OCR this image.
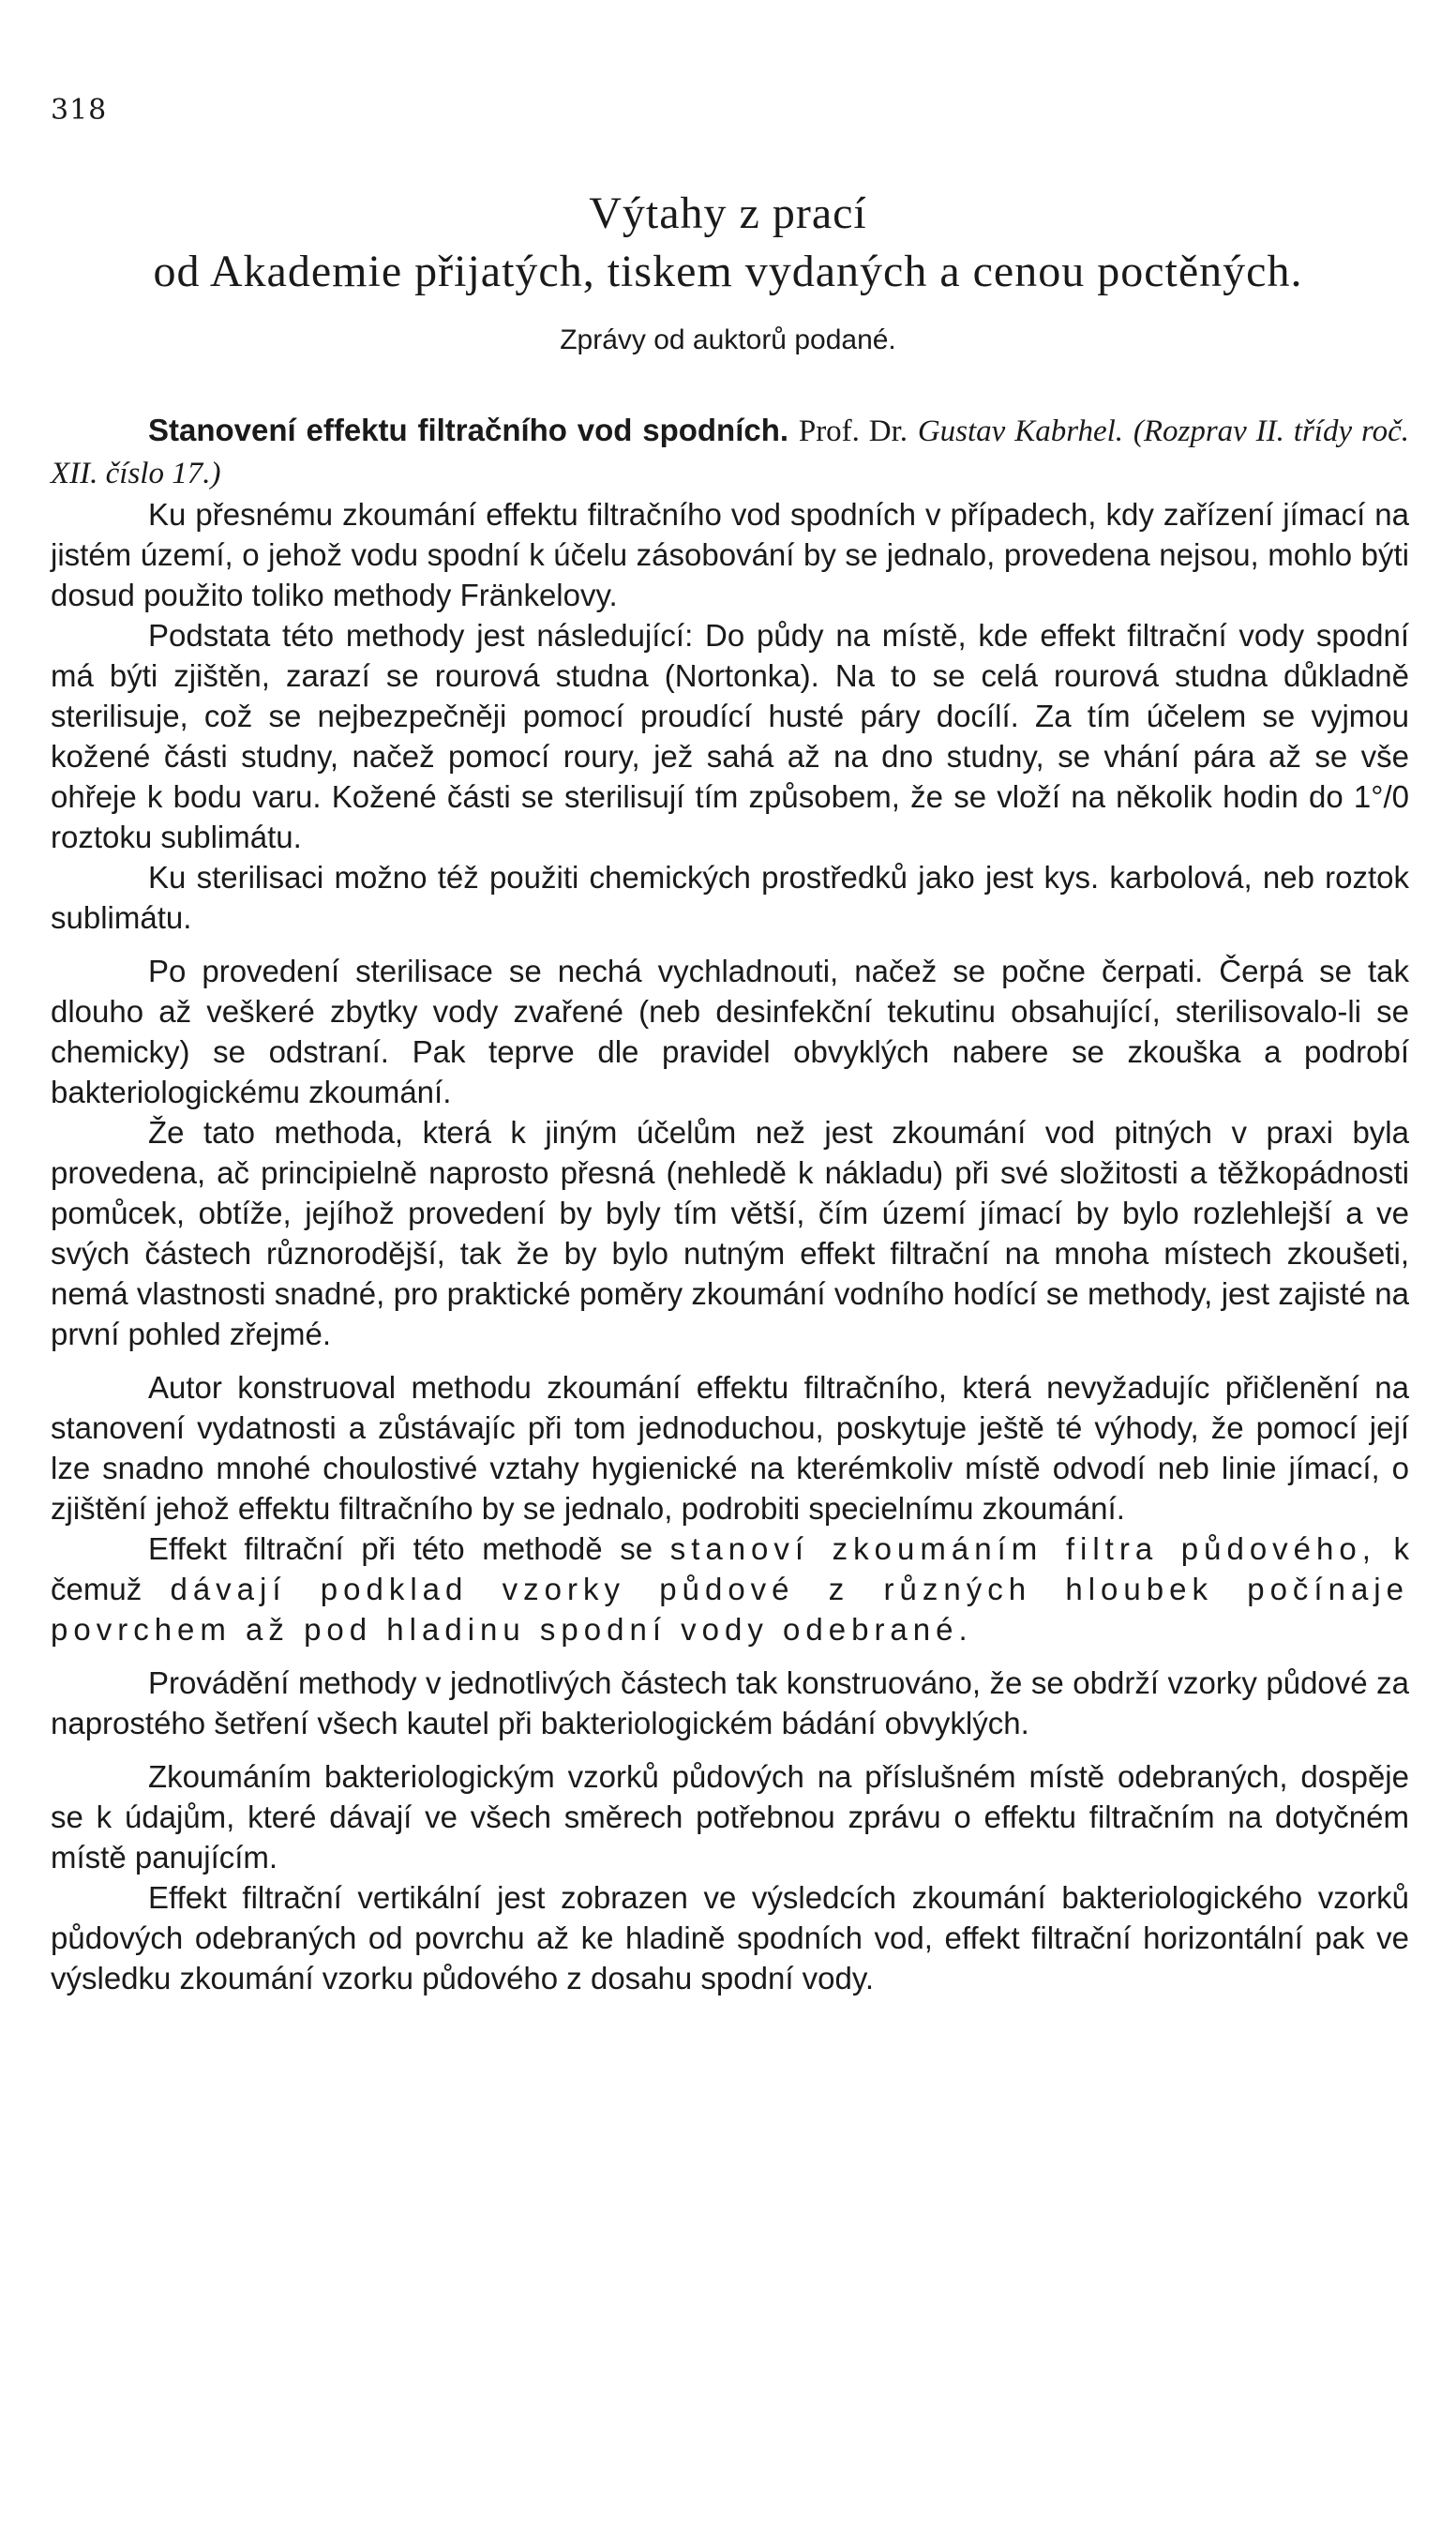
318
Výtahy z prací
od Akademie přijatých, tiskem vydaných a cenou poctěných.
Zprávy od auktorů podané.

Stanovení effektu filtračního vod spodních. Prof. Dr. Gustav Kabrhel. (Rozprav II. třídy roč. XII. číslo 17.)

Ku přesnému zkoumání effektu filtračního vod spodních v případech, kdy zařízení jímací na jistém území, o jehož vodu spodní k účelu zásobování by se jednalo, provedena nejsou, mohlo býti dosud použito toliko methody Fränkelovy.

Podstata této methody jest následující: Do půdy na místě, kde effekt filtrační vody spodní má býti zjištěn, zarazí se rourová studna (Nortonka). Na to se celá rourová studna důkladně sterilisuje, což se nejbezpečněji pomocí proudící husté páry docílí. Za tím účelem se vyjmou kožené části studny, načež pomocí roury, jež sahá až na dno studny, se vhání pára až se vše ohřeje k bodu varu. Kožené části se sterilisují tím způsobem, že se vloží na několik hodin do 1°/0 roztoku sublimátu.

Ku sterilisaci možno též použiti chemických prostředků jako jest kys. karbolová, neb roztok sublimátu.

Po provedení sterilisace se nechá vychladnouti, načež se počne čerpati. Čerpá se tak dlouho až veškeré zbytky vody zvařené (neb desinfekční tekutinu obsahující, sterilisovalo-li se chemicky) se odstraní. Pak teprve dle pravidel obvyklých nabere se zkouška a podrobí bakteriologickému zkoumání.

Že tato methoda, která k jiným účelům než jest zkoumání vod pitných v praxi byla provedena, ač principielně naprosto přesná (nehledě k nákladu) při své složitosti a těžkopádnosti pomůcek, obtíže, jejíhož provedení by byly tím větší, čím území jímací by bylo rozlehlejší a ve svých částech různorodější, tak že by bylo nutným effekt filtrační na mnoha místech zkoušeti, nemá vlastnosti snadné, pro praktické poměry zkoumání vodního hodící se methody, jest zajisté na první pohled zřejmé.

Autor konstruoval methodu zkoumání effektu filtračního, která nevyžadujíc přičlenění na stanovení vydatnosti a zůstávajíc při tom jednoduchou, poskytuje ještě té výhody, že pomocí její lze snadno mnohé choulostivé vztahy hygienické na kterémkoliv místě odvodí neb linie jímací, o zjištění jehož effektu filtračního by se jednalo, podrobiti specielnímu zkoumání.

Effekt filtrační při této methodě se stanoví zkoumáním filtra půdového, k čemuž dávají podklad vzorky půdové z různých hloubek počínaje povrchem až pod hladinu spodní vody odebrané.

Provádění methody v jednotlivých částech tak konstruováno, že se obdrží vzorky půdové za naprostého šetření všech kautel při bakteriologickém bádání obvyklých.

Zkoumáním bakteriologickým vzorků půdových na příslušném místě odebraných, dospěje se k údajům, které dávají ve všech směrech potřebnou zprávu o effektu filtračním na dotyčném místě panujícím.

Effekt filtrační vertikální jest zobrazen ve výsledcích zkoumání bakteriologického vzorků půdových odebraných od povrchu až ke hladině spodních vod, effekt filtrační horizontální pak ve výsledku zkoumání vzorku půdového z dosahu spodní vody.
